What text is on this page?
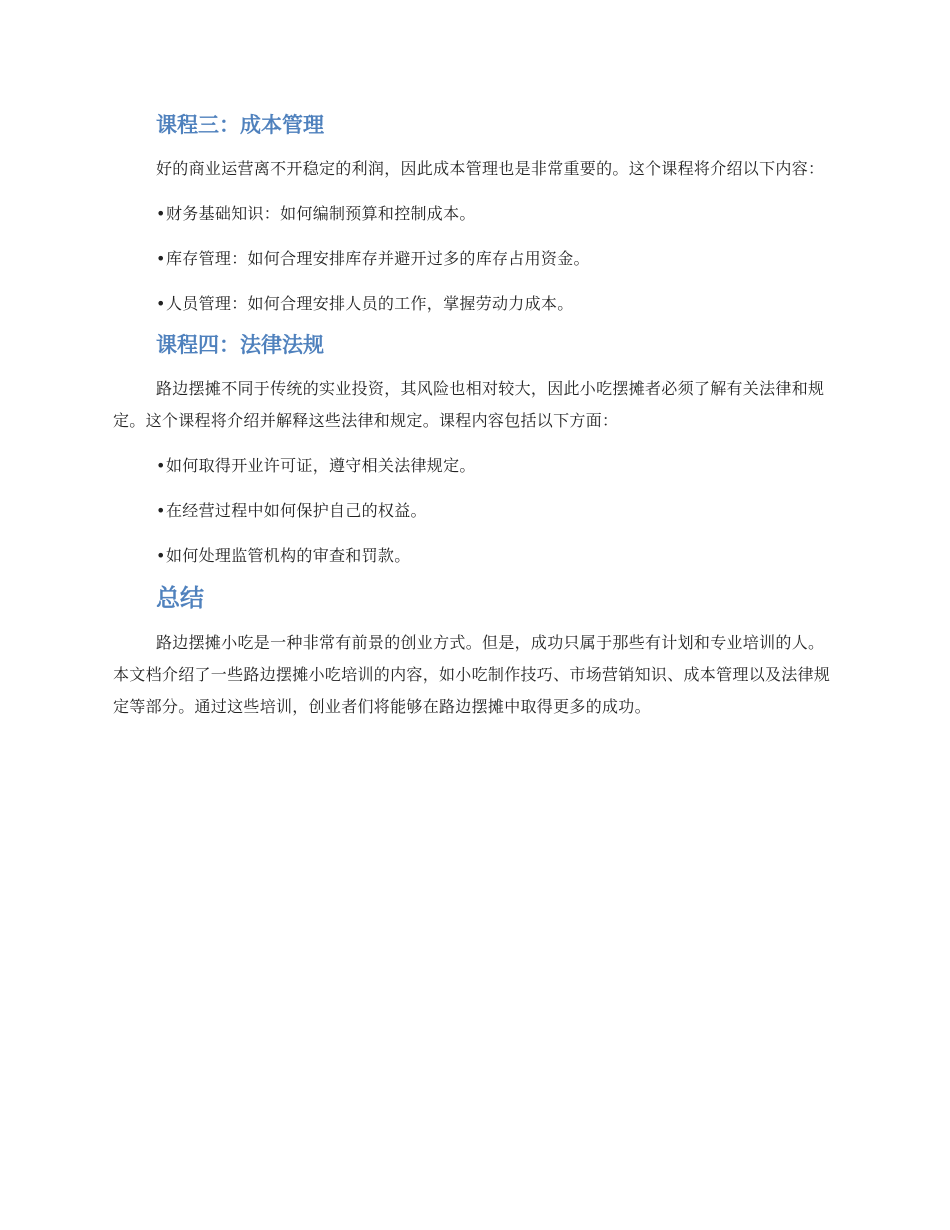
课程三：成本管理

好的商业运营离不开稳定的利润，因此成本管理也是非常重要的。这个课程将介绍以下内容：

•财务基础知识：如何编制预算和控制成本。
•库存管理：如何合理安排库存并避开过多的库存占用资金。
•人员管理：如何合理安排人员的工作，掌握劳动力成本。
课程四：法律法规

路边摆摊不同于传统的实业投资，其风险也相对较大，因此小吃摆摊者必须了解有关法律和规定。这个课程将介绍并解释这些法律和规定。课程内容包括以下方面：

•如何取得开业许可证，遵守相关法律规定。
•在经营过程中如何保护自己的权益。
•如何处理监管机构的审查和罚款。
总结

路边摆摊小吃是一种非常有前景的创业方式。但是，成功只属于那些有计划和专业培训的人。本文档介绍了一些路边摆摊小吃培训的内容，如小吃制作技巧、市场营销知识、成本管理以及法律规定等部分。通过这些培训，创业者们将能够在路边摆摊中取得更多的成功。
